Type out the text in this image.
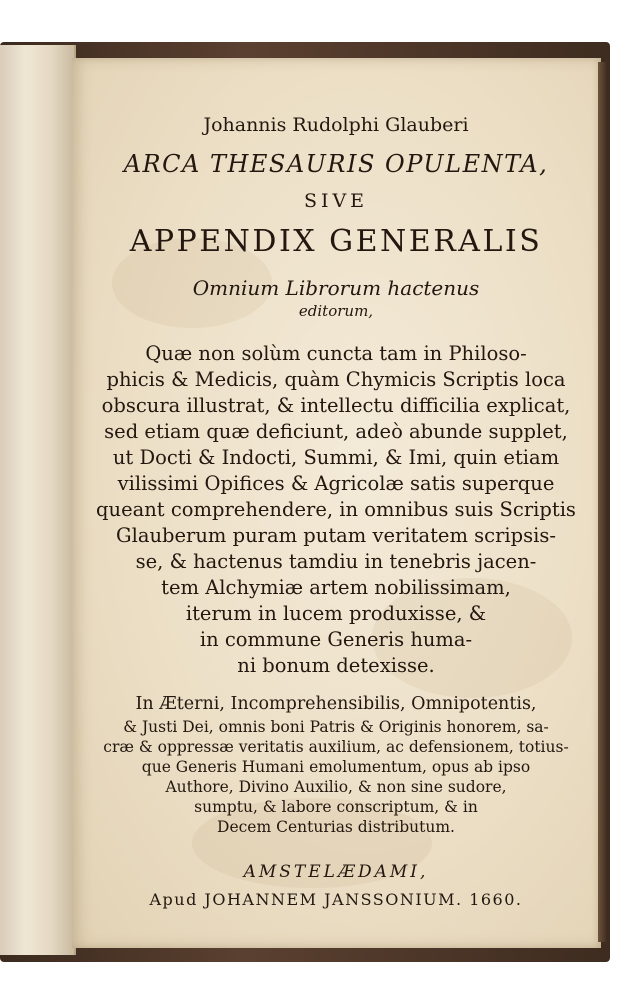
Johannis Rudolphi Glauberi
ARCA THESAURIS OPULENTA,
SIVE
APPENDIX GENERALIS
Omnium Librorum hactenus
editorum,
Quæ non solùm cuncta tam in Philoso-
phicis & Medicis, quàm Chymicis Scriptis loca
obscura illustrat, & intellectu difficilia explicat,
sed etiam quæ deficiunt, adeò abunde supplet,
ut Docti & Indocti, Summi, & Imi, quin etiam
vilissimi Opifices & Agricolæ satis superque
queant comprehendere, in omnibus suis Scriptis
Glauberum puram putam veritatem scripsis-
se, & hactenus tamdiu in tenebris jacen-
tem Alchymiæ artem nobilissimam,
iterum in lucem produxisse, &
in commune Generis huma-
ni bonum detexisse.
In Æterni, Incomprehensibilis, Omnipotentis,
& Justi Dei, omnis boni Patris & Originis honorem, sa-
cræ & oppressæ veritatis auxilium, ac defensionem, totius-
que Generis Humani emolumentum, opus ab ipso
Authore, Divino Auxilio, & non sine sudore,
sumptu, & labore conscriptum, & in
Decem Centurias distributum.
AMSTELÆDAMI,
Apud JOHANNEM JANSSONIUM. 1660.
